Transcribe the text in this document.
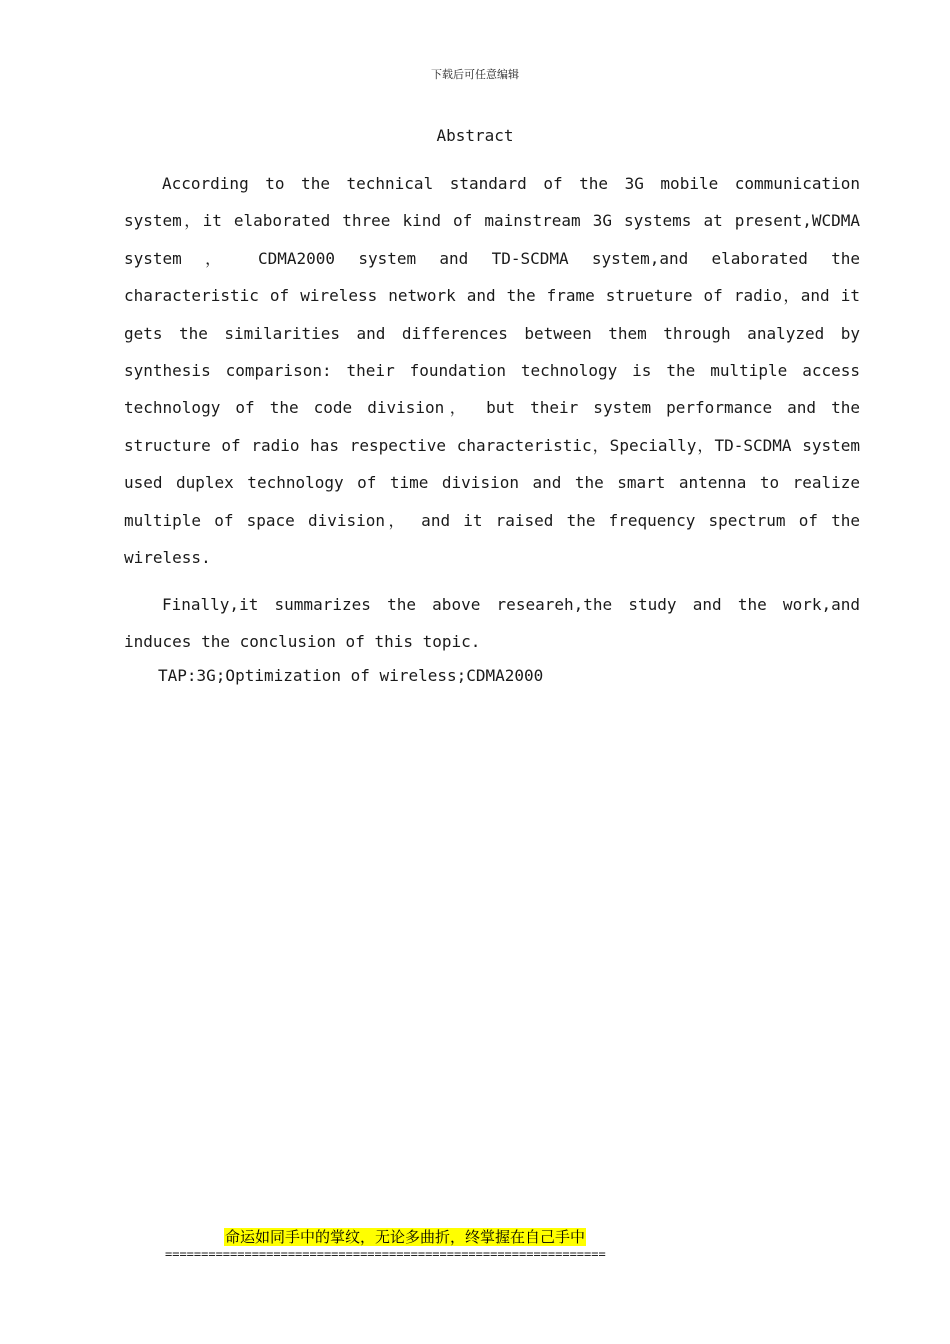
下载后可任意编辑
Abstract

According to the technical standard of the 3G mobile communication system，it elaborated three kind of mainstream 3G systems at present,WCDMA system ， CDMA2000 system and TD-SCDMA system,and elaborated the characteristic of wireless network and the frame strueture of radio，and it gets the similarities and differences between them through analyzed by synthesis comparison: their foundation technology is the multiple access technology of the code division， but their system performance and the structure of radio has respective characteristic，Specially，TD-SCDMA system used duplex technology of time division and the smart antenna to realize multiple of space division， and it raised the frequency spectrum of the wireless.

Finally,it summarizes the above researeh,the study and the work,and induces the conclusion of this topic.

TAP:3G;Optimization of wireless;CDMA2000
命运如同手中的掌纹，无论多曲折，终掌握在自己手中
=============================================================
